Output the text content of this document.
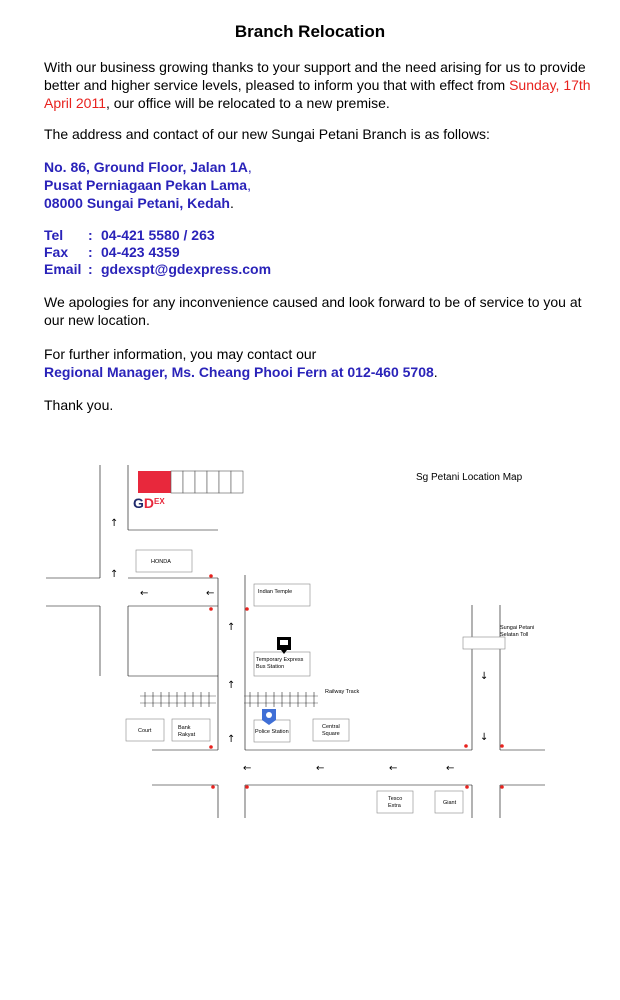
Branch Relocation

With our business growing thanks to your support and the need arising for us to provide better and higher service levels, pleased to inform you that with effect from Sunday, 17th April 2011, our office will be relocated to a new premise.

The address and contact of our new Sungai Petani Branch is as follows:

No. 86, Ground Floor, Jalan 1A,
Pusat Perniagaan Pekan Lama,
08000 Sungai Petani, Kedah.
Tel	: 04-421 5580 / 263
Fax	: 04-423 4359
Email : gdexspt@gdexpress.com

We apologies for any inconvenience caused and look forward to be of service to you at our new location.

For further information, you may contact our
Regional Manager, Ms. Cheang Phooi Fern at 012-460 5708.

Thank you.

Sg Petani Location Map

$GD^{EX}$
Railway Track
HONDA
Indian Temple
Sungai Petani
Selatan Toll
Temporary Express
Bus Station
Court	Bank
Rakyat	Police Station
Central
Square
Tesco
Extra	Giant
↑
↑
←	←
↑
↑
↑
↓
↓
←	←	←	←
